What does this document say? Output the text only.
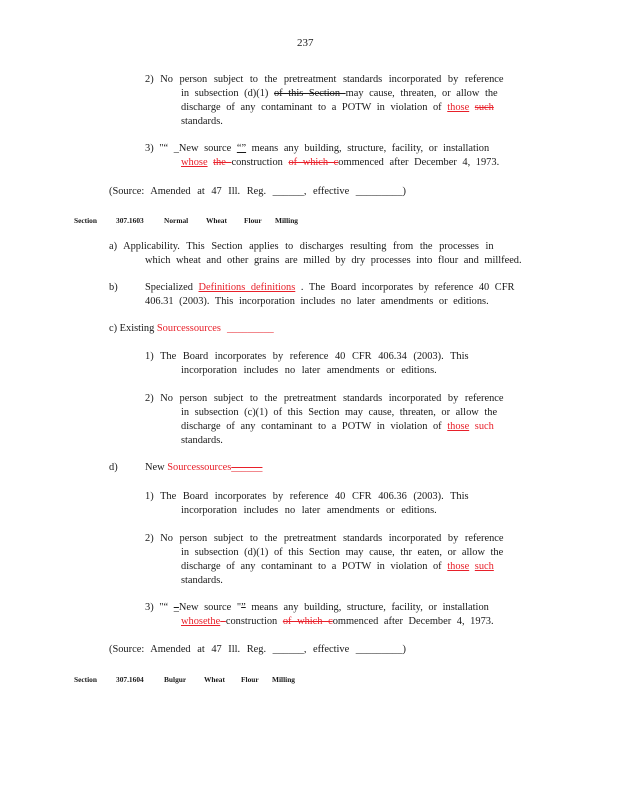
237
2) No person subject to the pretreatment standards incorporated by reference
in subsection (d)(1) of this Section may cause, threaten, or allow the
discharge of any contaminant to a POTW in violation of those such
standards.
3) "“ _New source “” means any building, structure, facility, or installation
whose the construction of which commenced after December 4, 1973.
(Source: Amended at 47 Ill. Reg. ______, effective _________)
Section	307.1603	Normal Wheat Flour Milling
a) Applicability. This Section applies to discharges resulting from the processes in
which wheat and other grains are milled by dry processes into flour and millfeed.
b)	Specialized Definitions definitions . The Board incorporates by reference 40 CFR
406.31 (2003). This incorporation includes no later amendments or editions.
c) Existing Sourcessources _________
1) The Board incorporates by reference 40 CFR 406.34 (2003). This
incorporation includes no later amendments or editions.
2) No person subject to the pretreatment standards incorporated by reference
in subsection (c)(1) of this Section may cause, threaten, or allow the
discharge of any contaminant to a POTW in violation of those such
standards.
d)	New Sourcessources______
1) The Board incorporates by reference 40 CFR 406.36 (2003). This
incorporation includes no later amendments or editions.
2) No person subject to the pretreatment standards incorporated by reference
in subsection (d)(1) of this Section may cause, thr eaten, or allow the
discharge of any contaminant to a POTW in violation of those such
standards.
3) "“ _New source "” means any building, structure, facility, or installation
whosethe construction of which commenced after December 4, 1973.
(Source: Amended at 47 Ill. Reg. ______, effective _________)
Section	307.1604	Bulgur Wheat Flour Milling
